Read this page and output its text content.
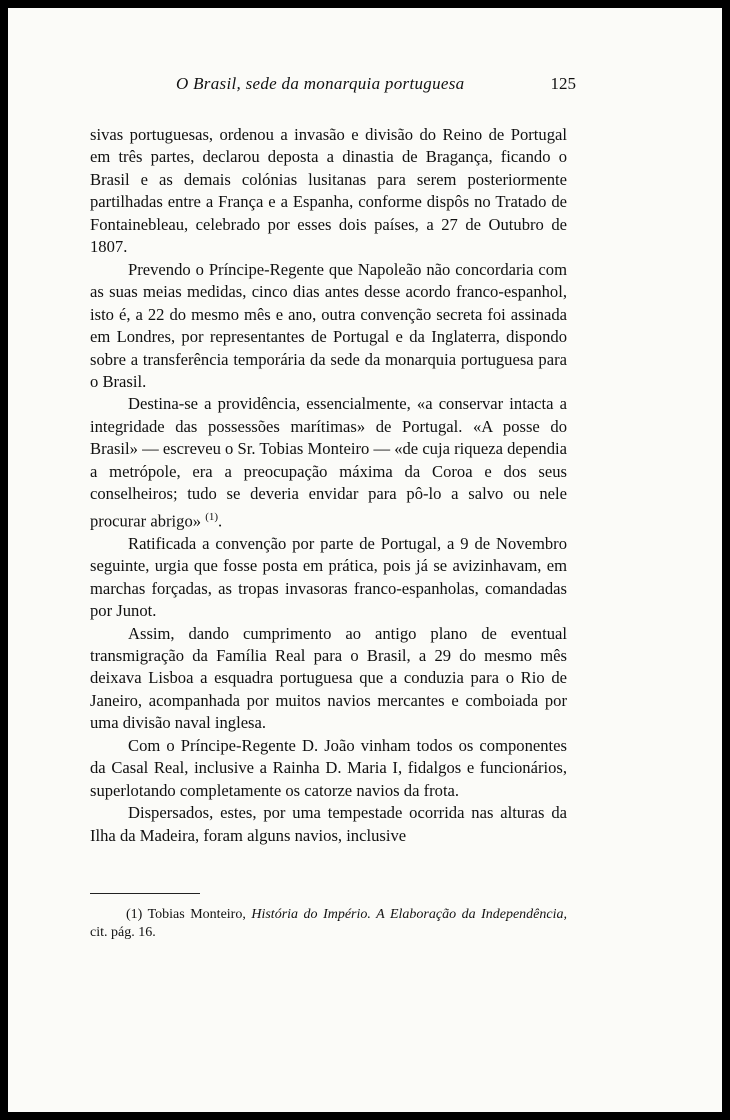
O Brasil, sede da monarquia portuguesa	125

sivas portuguesas, ordenou a invasão e divisão do Reino de Portugal em três partes, declarou deposta a dinastia de Bragança, ficando o Brasil e as demais colónias lusitanas para serem posteriormente partilhadas entre a França e a Espanha, conforme dispôs no Tratado de Fontainebleau, celebrado por esses dois países, a 27 de Outubro de 1807.

Prevendo o Príncipe-Regente que Napoleão não concordaria com as suas meias medidas, cinco dias antes desse acordo franco-espanhol, isto é, a 22 do mesmo mês e ano, outra convenção secreta foi assinada em Londres, por representantes de Portugal e da Inglaterra, dispondo sobre a transferência temporária da sede da monarquia portuguesa para o Brasil.

Destina-se a providência, essencialmente, «a conservar intacta a integridade das possessões marítimas» de Portugal. «A posse do Brasil» — escreveu o Sr. Tobias Monteiro — «de cuja riqueza dependia a metrópole, era a preocupação máxima da Coroa e dos seus conselheiros; tudo se deveria envidar para pô-lo a salvo ou nele procurar abrigo» $^{(1)}$.

Ratificada a convenção por parte de Portugal, a 9 de Novembro seguinte, urgia que fosse posta em prática, pois já se avizinhavam, em marchas forçadas, as tropas invasoras franco-espanholas, comandadas por Junot.

Assim, dando cumprimento ao antigo plano de eventual transmigração da Família Real para o Brasil, a 29 do mesmo mês deixava Lisboa a esquadra portuguesa que a conduzia para o Rio de Janeiro, acompanhada por muitos navios mercantes e comboiada por uma divisão naval inglesa.

Com o Príncipe-Regente D. João vinham todos os componentes da Casal Real, inclusive a Rainha D. Maria I, fidalgos e funcionários, superlotando completamente os catorze navios da frota.

Dispersados, estes, por uma tempestade ocorrida nas alturas da Ilha da Madeira, foram alguns navios, inclusive

(1) Tobias Monteiro, História do Império. A Elaboração da Independência, cit. pág. 16.
